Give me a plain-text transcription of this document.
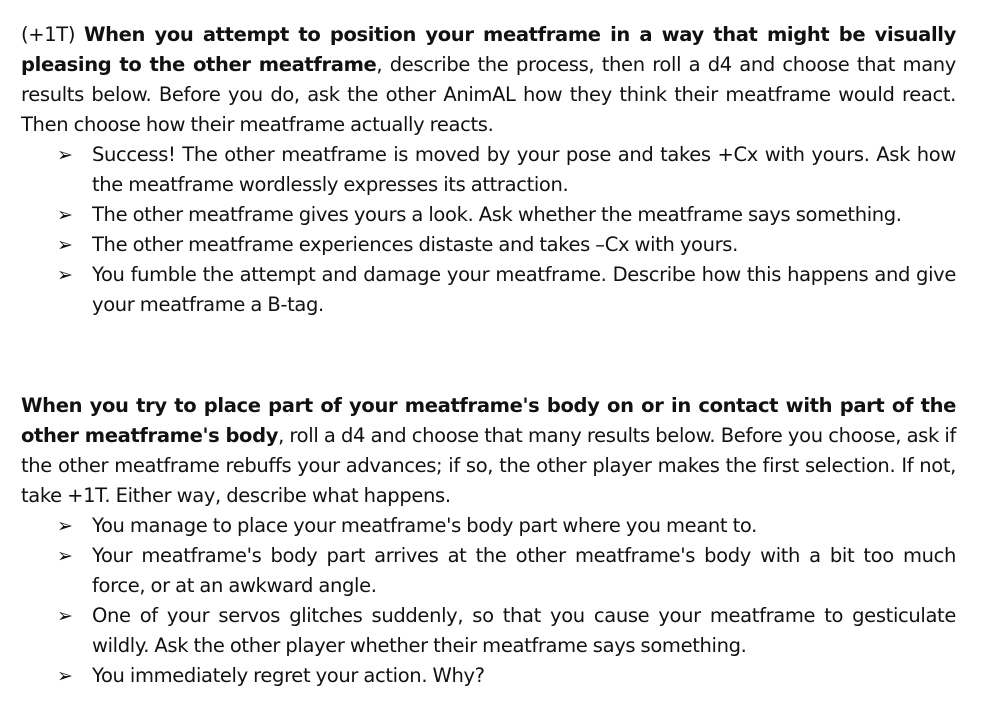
(+1T) When you attempt to position your meatframe in a way that might be visually pleasing to the other meatframe, describe the process, then roll a d4 and choose that many results below. Before you do, ask the other AnimAL how they think their meatframe would react. Then choose how their meatframe actually reacts.

➢ Success! The other meatframe is moved by your pose and takes +Cx with yours. Ask how the meatframe wordlessly expresses its attraction.
➢ The other meatframe gives yours a look. Ask whether the meatframe says something.
➢ The other meatframe experiences distaste and takes –Cx with yours.
➢ You fumble the attempt and damage your meatframe. Describe how this happens and give your meatframe a B-tag.

When you try to place part of your meatframe's body on or in contact with part of the other meatframe's body, roll a d4 and choose that many results below. Before you choose, ask if the other meatframe rebuffs your advances; if so, the other player makes the first selection. If not, take +1T. Either way, describe what happens.

➢ You manage to place your meatframe's body part where you meant to.
➢ Your meatframe's body part arrives at the other meatframe's body with a bit too much force, or at an awkward angle.
➢ One of your servos glitches suddenly, so that you cause your meatframe to gesticulate wildly. Ask the other player whether their meatframe says something.
➢ You immediately regret your action. Why?
